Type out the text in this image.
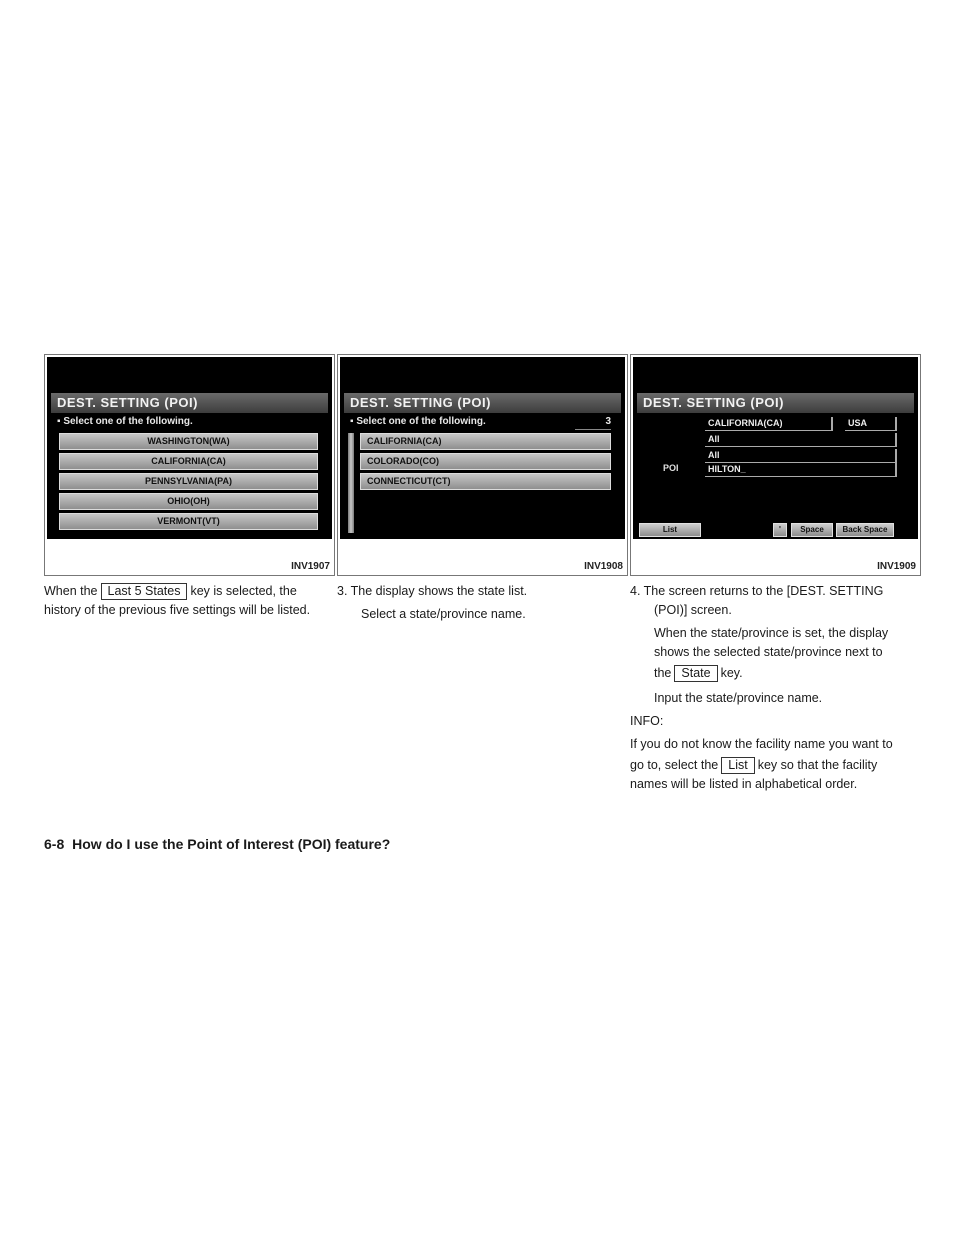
DEST. SETTING (POI)
▪ Select one of the following.
WASHINGTON(WA)
CALIFORNIA(CA)
PENNSYLVANIA(PA)
OHIO(OH)
VERMONT(VT)
INV1907
DEST. SETTING (POI)
▪ Select one of the following.	3
CALIFORNIA(CA)
COLORADO(CO)
CONNECTICUT(CT)
INV1908
DEST. SETTING (POI)
CALIFORNIA(CA)	USA
All
All
POI	HILTON_
List	'	Space	Back Space
INV1909
When the Last 5 States key is selected, the
history of the previous five settings will be listed.
3. The display shows the state list.
Select a state/province name.
4. The screen returns to the [DEST. SETTING
(POI)] screen.
When the state/province is set, the display
shows the selected state/province next to
the State key.
Input the state/province name.
INFO:
If you do not know the facility name you want to
go to, select the List key so that the facility
names will be listed in alphabetical order.
6-8 How do I use the Point of Interest (POI) feature?
